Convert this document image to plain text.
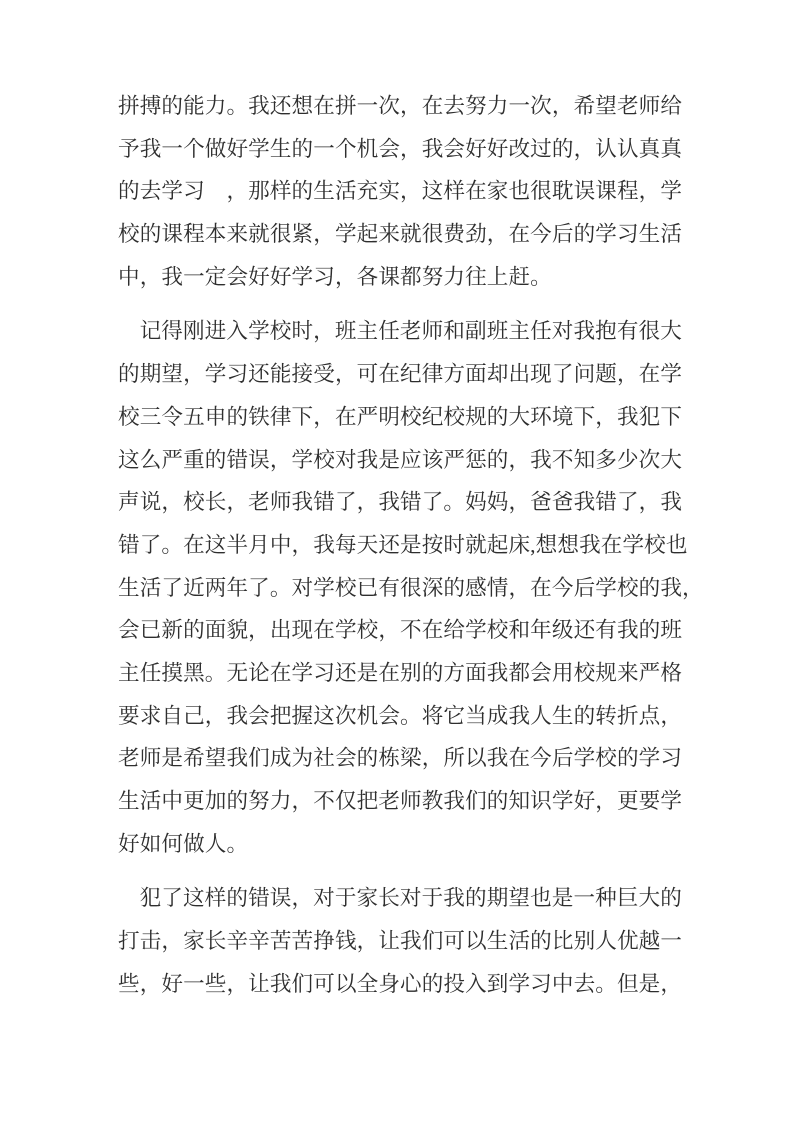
拼搏的能力。我还想在拼一次，在去努力一次，希望老师给
予我一个做好学生的一个机会，我会好好改过的，认认真真
的去学习　，那样的生活充实，这样在家也很耽误课程，学
校的课程本来就很紧，学起来就很费劲，在今后的学习生活
中，我一定会好好学习，各课都努力往上赶。

记得刚进入学校时，班主任老师和副班主任对我抱有很大
的期望，学习还能接受，可在纪律方面却出现了问题，在学
校三令五申的铁律下，在严明校纪校规的大环境下，我犯下
这么严重的错误，学校对我是应该严惩的，我不知多少次大
声说，校长，老师我错了，我错了。妈妈，爸爸我错了，我
错了。在这半月中，我每天还是按时就起床,想想我在学校也
生活了近两年了。对学校已有很深的感情，在今后学校的我，
会已新的面貌，出现在学校，不在给学校和年级还有我的班
主任摸黑。无论在学习还是在别的方面我都会用校规来严格
要求自己，我会把握这次机会。将它当成我人生的转折点，
老师是希望我们成为社会的栋梁，所以我在今后学校的学习
生活中更加的努力，不仅把老师教我们的知识学好，更要学
好如何做人。

犯了这样的错误，对于家长对于我的期望也是一种巨大的
打击，家长辛辛苦苦挣钱，让我们可以生活的比别人优越一
些，好一些，让我们可以全身心的投入到学习中去。但是，
